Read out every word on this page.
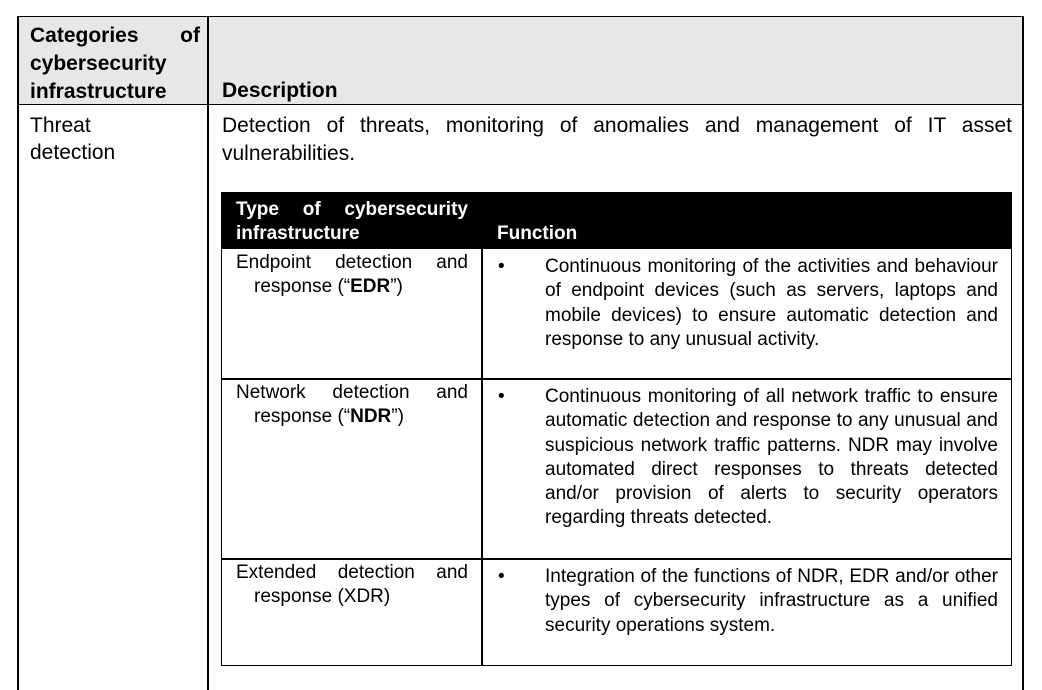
Categories of
cybersecurity
infrastructure	Description
Threat
detection
Detection of threats, monitoring of anomalies and management of IT asset vulnerabilities.
Type of cybersecurity
infrastructure	Function
Endpoint detection and
response (“EDR”)
• Continuous monitoring of the activities and behaviour of endpoint devices (such as servers, laptops and mobile devices) to ensure automatic detection and response to any unusual activity.
Network detection and
response (“NDR”)
• Continuous monitoring of all network traffic to ensure automatic detection and response to any unusual and suspicious network traffic patterns. NDR may involve automated direct responses to threats detected and/or provision of alerts to security operators regarding threats detected.
Extended detection and
response (XDR)
• Integration of the functions of NDR, EDR and/or other types of cybersecurity infrastructure as a unified security operations system.
